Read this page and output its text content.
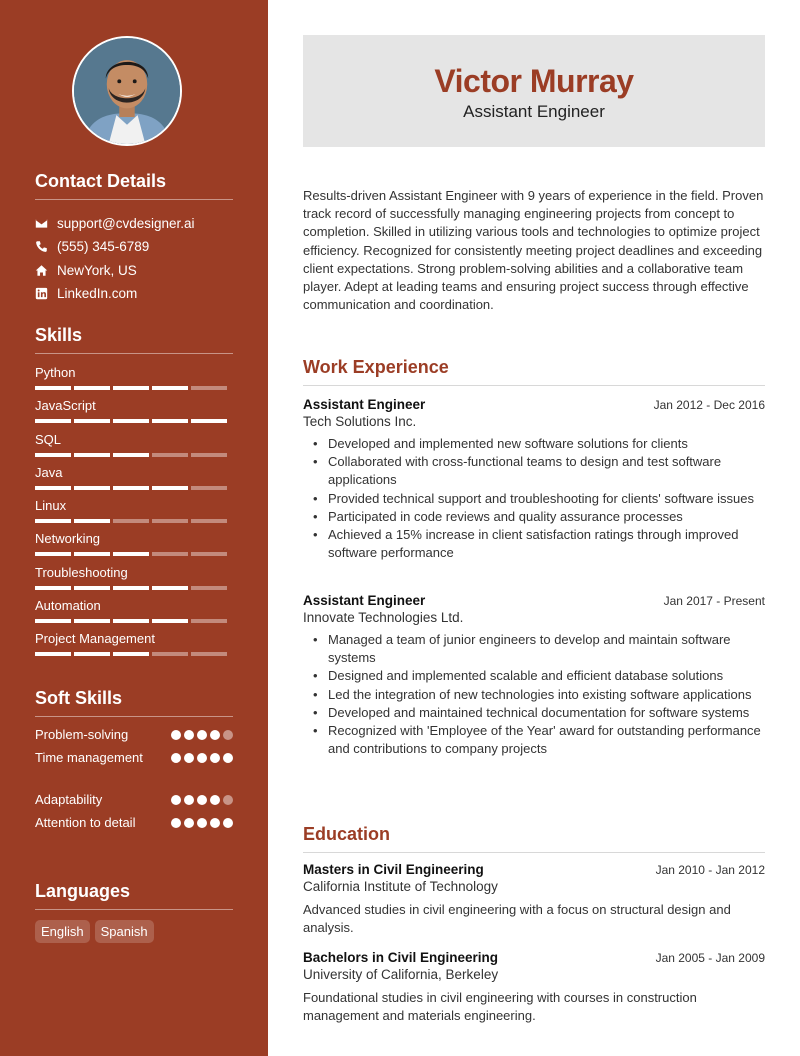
Contact Details
support@cvdesigner.ai
(555) 345-6789
NewYork, US
LinkedIn.com
Skills
Python
JavaScript
SQL
Java
Linux
Networking
Troubleshooting
Automation
Project Management
Soft Skills
Problem-solving
Time management
Adaptability
Attention to detail
Languages
English	Spanish
Victor Murray
Assistant Engineer
Results-driven Assistant Engineer with 9 years of experience in the field. Proven track record of successfully managing engineering projects from concept to completion. Skilled in utilizing various tools and technologies to optimize project efficiency. Recognized for consistently meeting project deadlines and exceeding client expectations. Strong problem-solving abilities and a collaborative team player. Adept at leading teams and ensuring project success through effective communication and coordination.
Work Experience
Assistant Engineer	Jan 2012 - Dec 2016
Tech Solutions Inc.
• Developed and implemented new software solutions for clients
• Collaborated with cross-functional teams to design and test software applications
• Provided technical support and troubleshooting for clients' software issues
• Participated in code reviews and quality assurance processes
• Achieved a 15% increase in client satisfaction ratings through improved software performance
Assistant Engineer	Jan 2017 - Present
Innovate Technologies Ltd.
• Managed a team of junior engineers to develop and maintain software systems
• Designed and implemented scalable and efficient database solutions
• Led the integration of new technologies into existing software applications
• Developed and maintained technical documentation for software systems
• Recognized with 'Employee of the Year' award for outstanding performance and contributions to company projects
Education
Masters in Civil Engineering	Jan 2010 - Jan 2012
California Institute of Technology
Advanced studies in civil engineering with a focus on structural design and analysis.
Bachelors in Civil Engineering	Jan 2005 - Jan 2009
University of California, Berkeley
Foundational studies in civil engineering with courses in construction management and materials engineering.
